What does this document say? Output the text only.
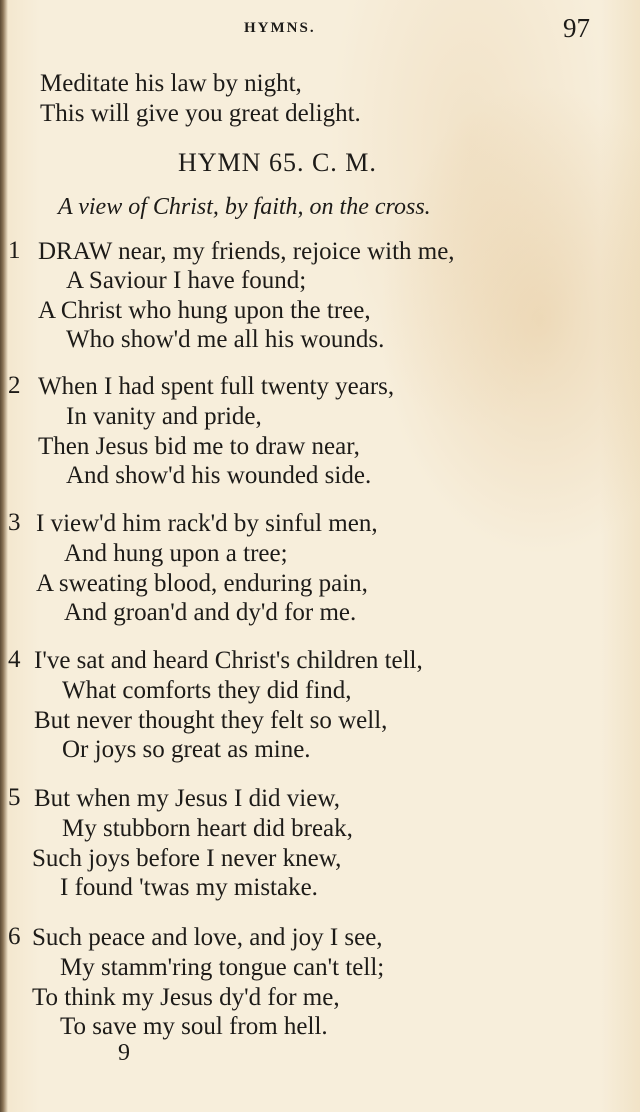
HYMNS.	97
Meditate his law by night,
This will give you great delight.
HYMN 65. C. M.
A view of Christ, by faith, on the cross.
1 DRAW near, my friends, rejoice with me,
A Saviour I have found;
A Christ who hung upon the tree,
Who show'd me all his wounds.
2 When I had spent full twenty years,
In vanity and pride,
Then Jesus bid me to draw near,
And show'd his wounded side.
3 I view'd him rack'd by sinful men,
And hung upon a tree;
A sweating blood, enduring pain,
And groan'd and dy'd for me.
4 I've sat and heard Christ's children tell,
What comforts they did find,
But never thought they felt so well,
Or joys so great as mine.
5 But when my Jesus I did view,
My stubborn heart did break,
Such joys before I never knew,
I found 'twas my mistake.
6 Such peace and love, and joy I see,
My stamm'ring tongue can't tell;
To think my Jesus dy'd for me,
To save my soul from hell.
9
